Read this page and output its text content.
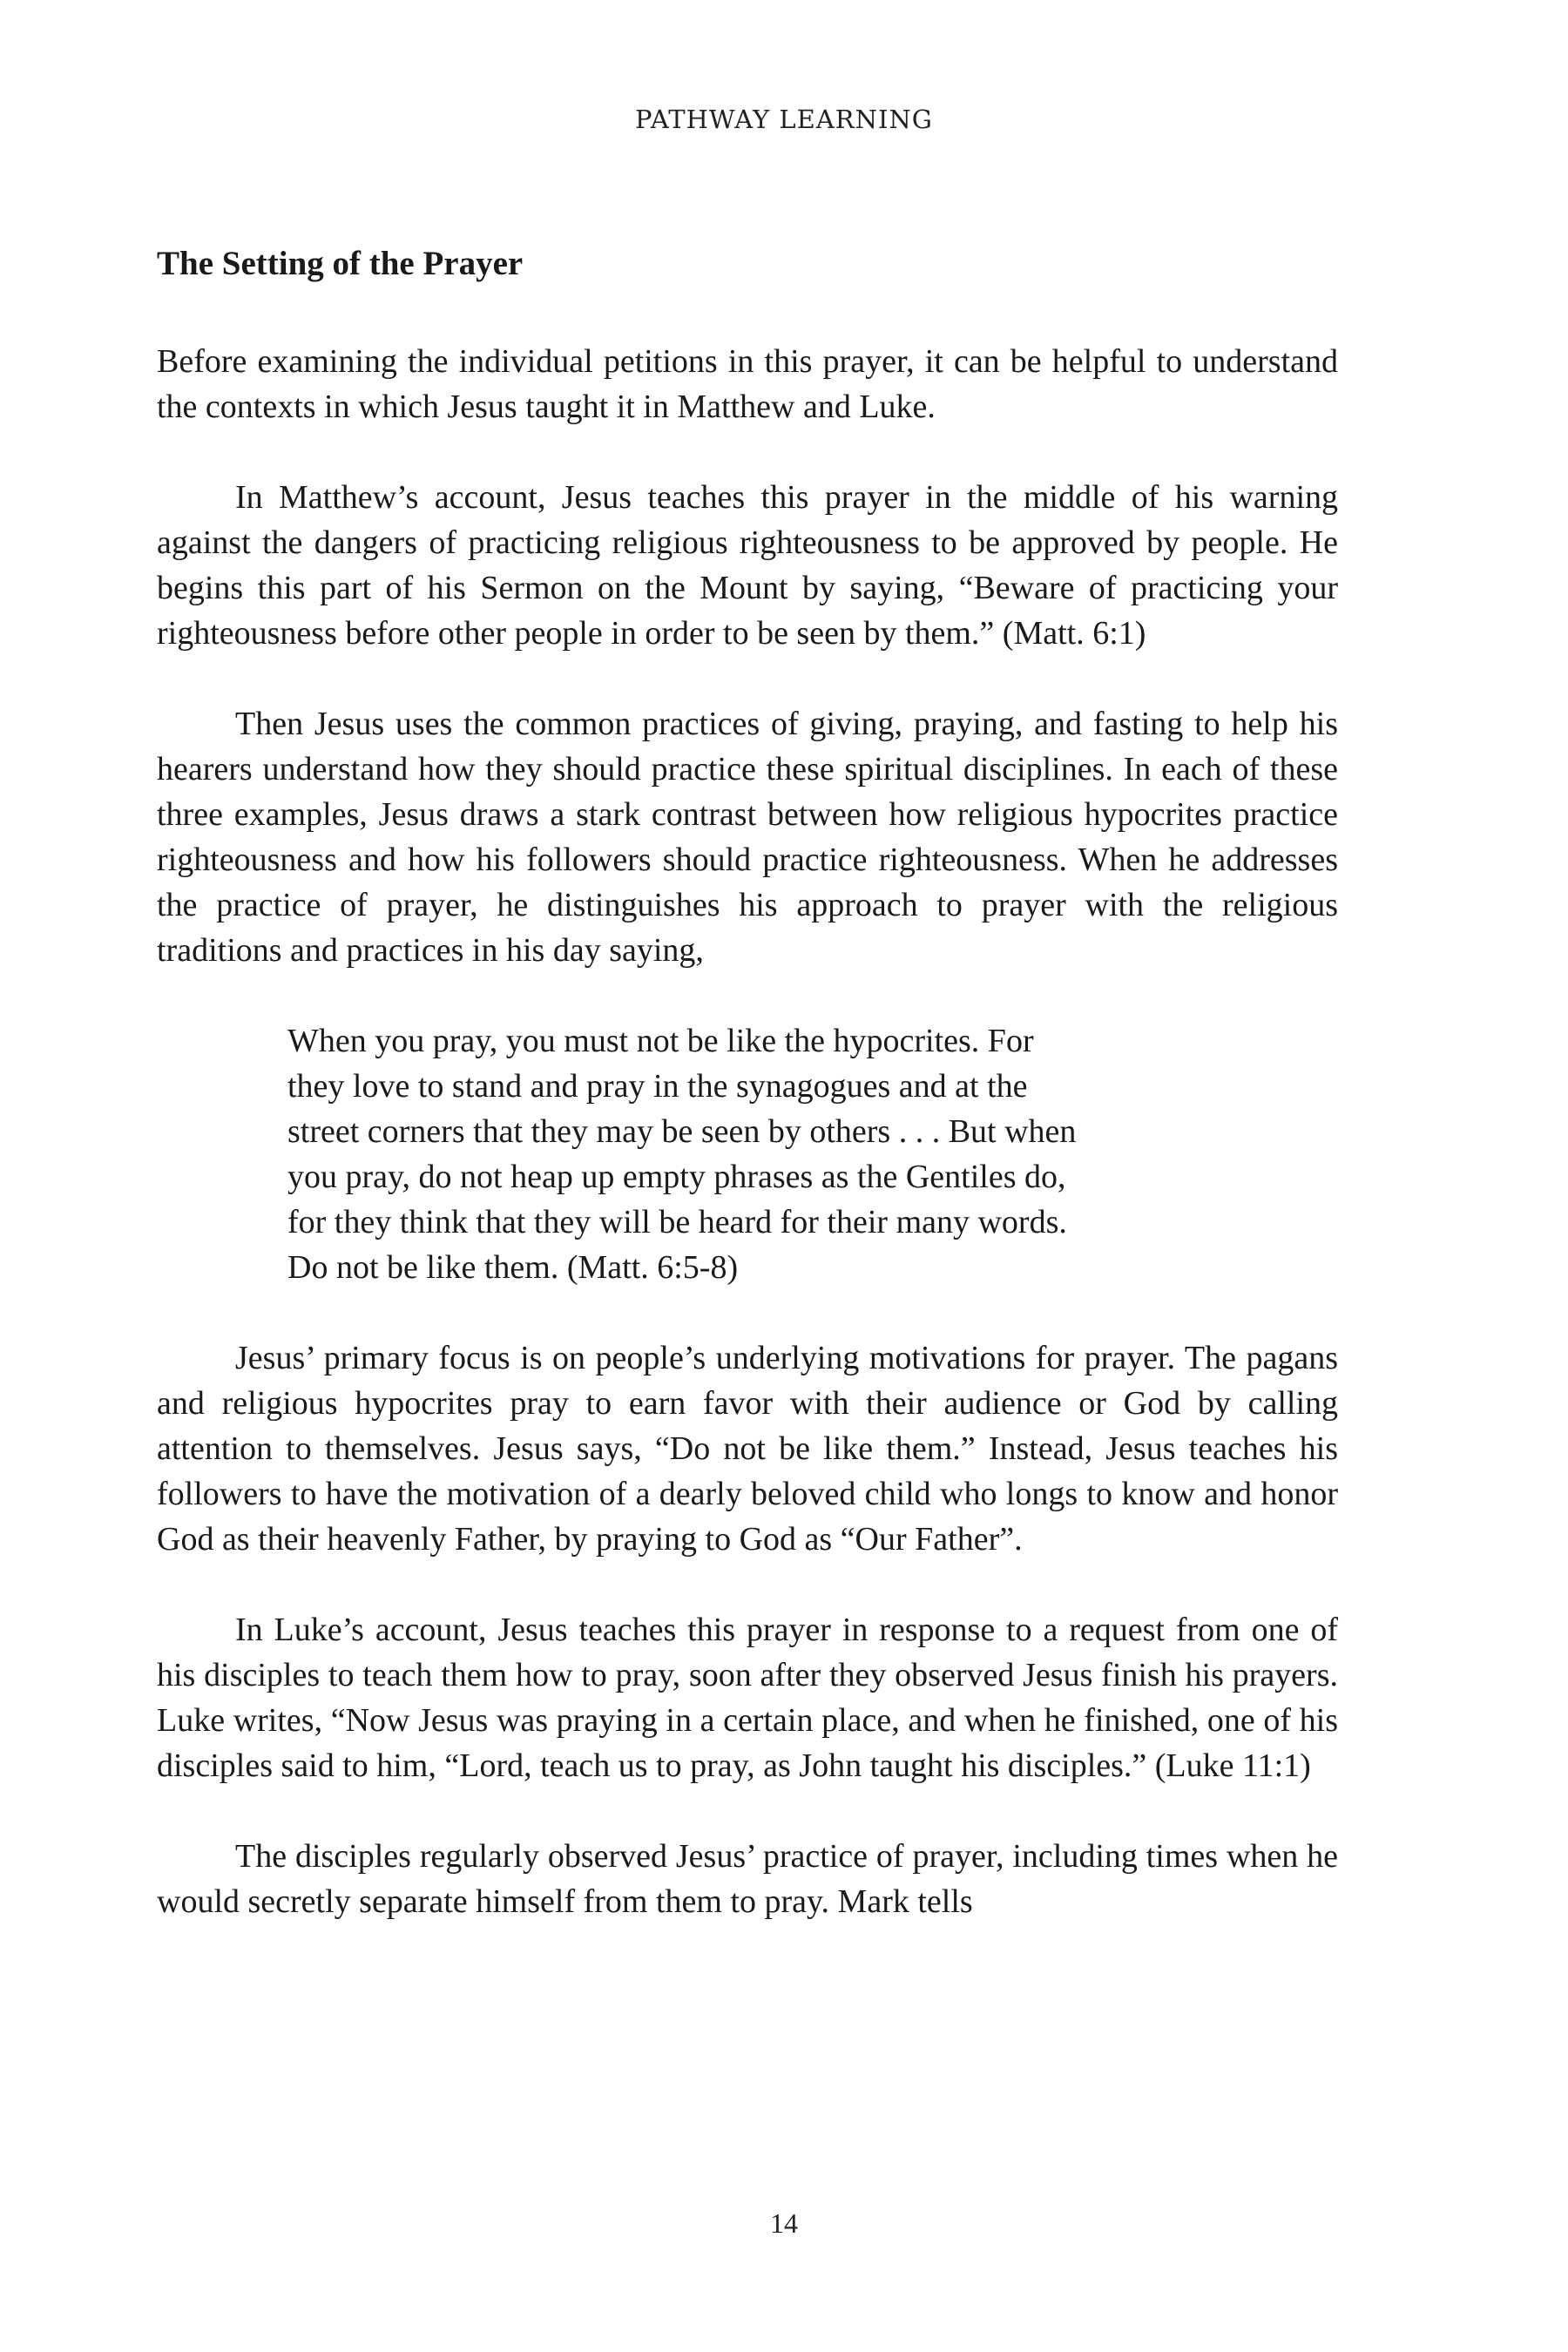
PATHWAY LEARNING
The Setting of the Prayer

Before examining the individual petitions in this prayer, it can be helpful to understand the contexts in which Jesus taught it in Matthew and Luke.

In Matthew’s account, Jesus teaches this prayer in the middle of his warning against the dangers of practicing religious righteousness to be approved by people. He begins this part of his Sermon on the Mount by saying, “Beware of practicing your righteousness before other people in order to be seen by them.” (Matt. 6:1)

Then Jesus uses the common practices of giving, praying, and fasting to help his hearers understand how they should practice these spiritual disciplines. In each of these three examples, Jesus draws a stark contrast between how religious hypocrites practice righteousness and how his followers should practice righteousness. When he addresses the practice of prayer, he distinguishes his approach to prayer with the religious traditions and practices in his day saying,

When you pray, you must not be like the hypocrites. For
they love to stand and pray in the synagogues and at the
street corners that they may be seen by others . . . But when
you pray, do not heap up empty phrases as the Gentiles do,
for they think that they will be heard for their many words.
Do not be like them. (Matt. 6:5-8)

Jesus’ primary focus is on people’s underlying motivations for prayer. The pagans and religious hypocrites pray to earn favor with their audience or God by calling attention to themselves. Jesus says, “Do not be like them.” Instead, Jesus teaches his followers to have the motivation of a dearly beloved child who longs to know and honor God as their heavenly Father, by praying to God as “Our Father”.

In Luke’s account, Jesus teaches this prayer in response to a request from one of his disciples to teach them how to pray, soon after they observed Jesus finish his prayers. Luke writes, “Now Jesus was praying in a certain place, and when he finished, one of his disciples said to him, “Lord, teach us to pray, as John taught his disciples.” (Luke 11:1)

The disciples regularly observed Jesus’ practice of prayer, including times when he would secretly separate himself from them to pray. Mark tells

14
